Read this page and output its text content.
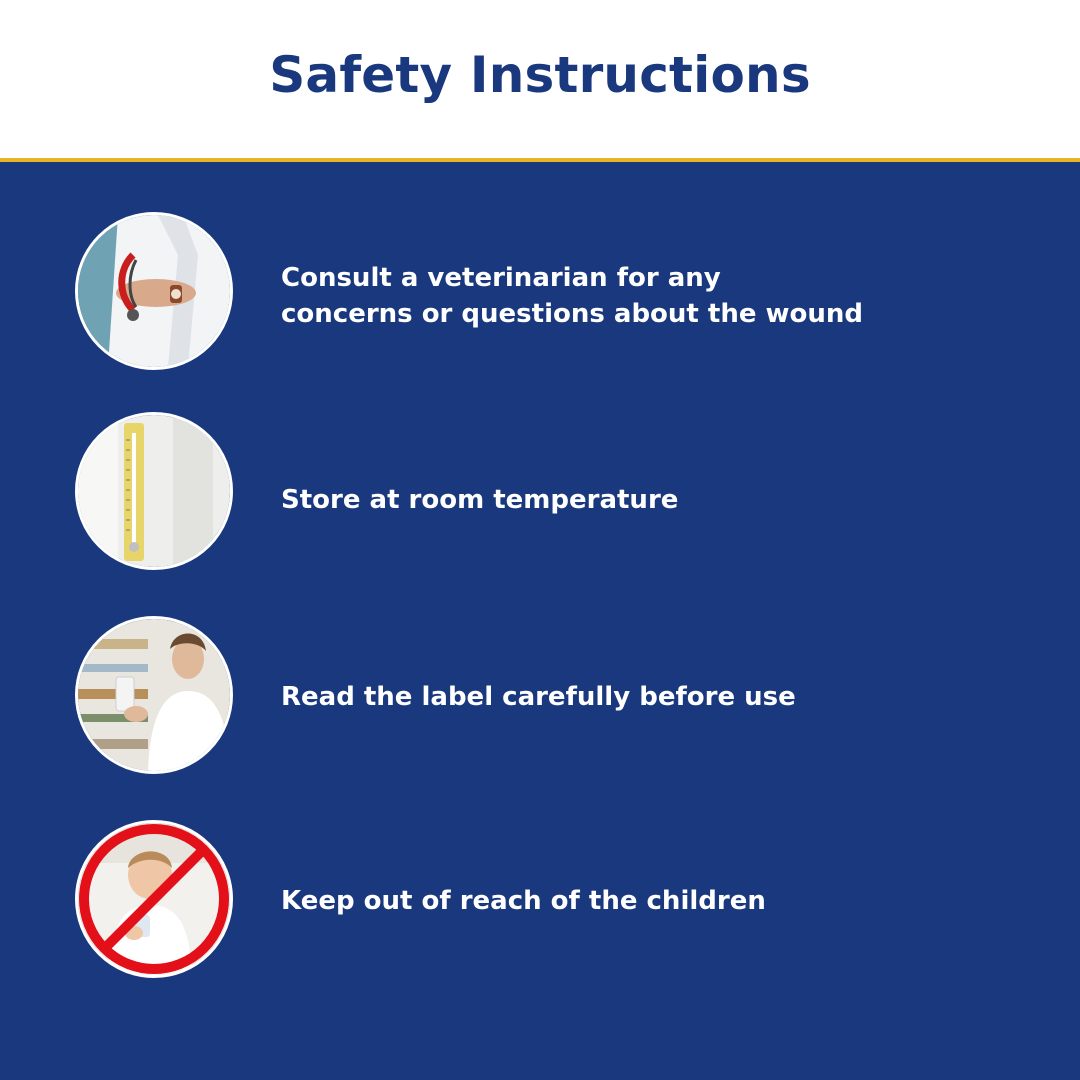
Safety Instructions

Consult a veterinarian for any
concerns or questions about the wound

Store at room temperature

Read the label carefully before use

Keep out of reach of the children
